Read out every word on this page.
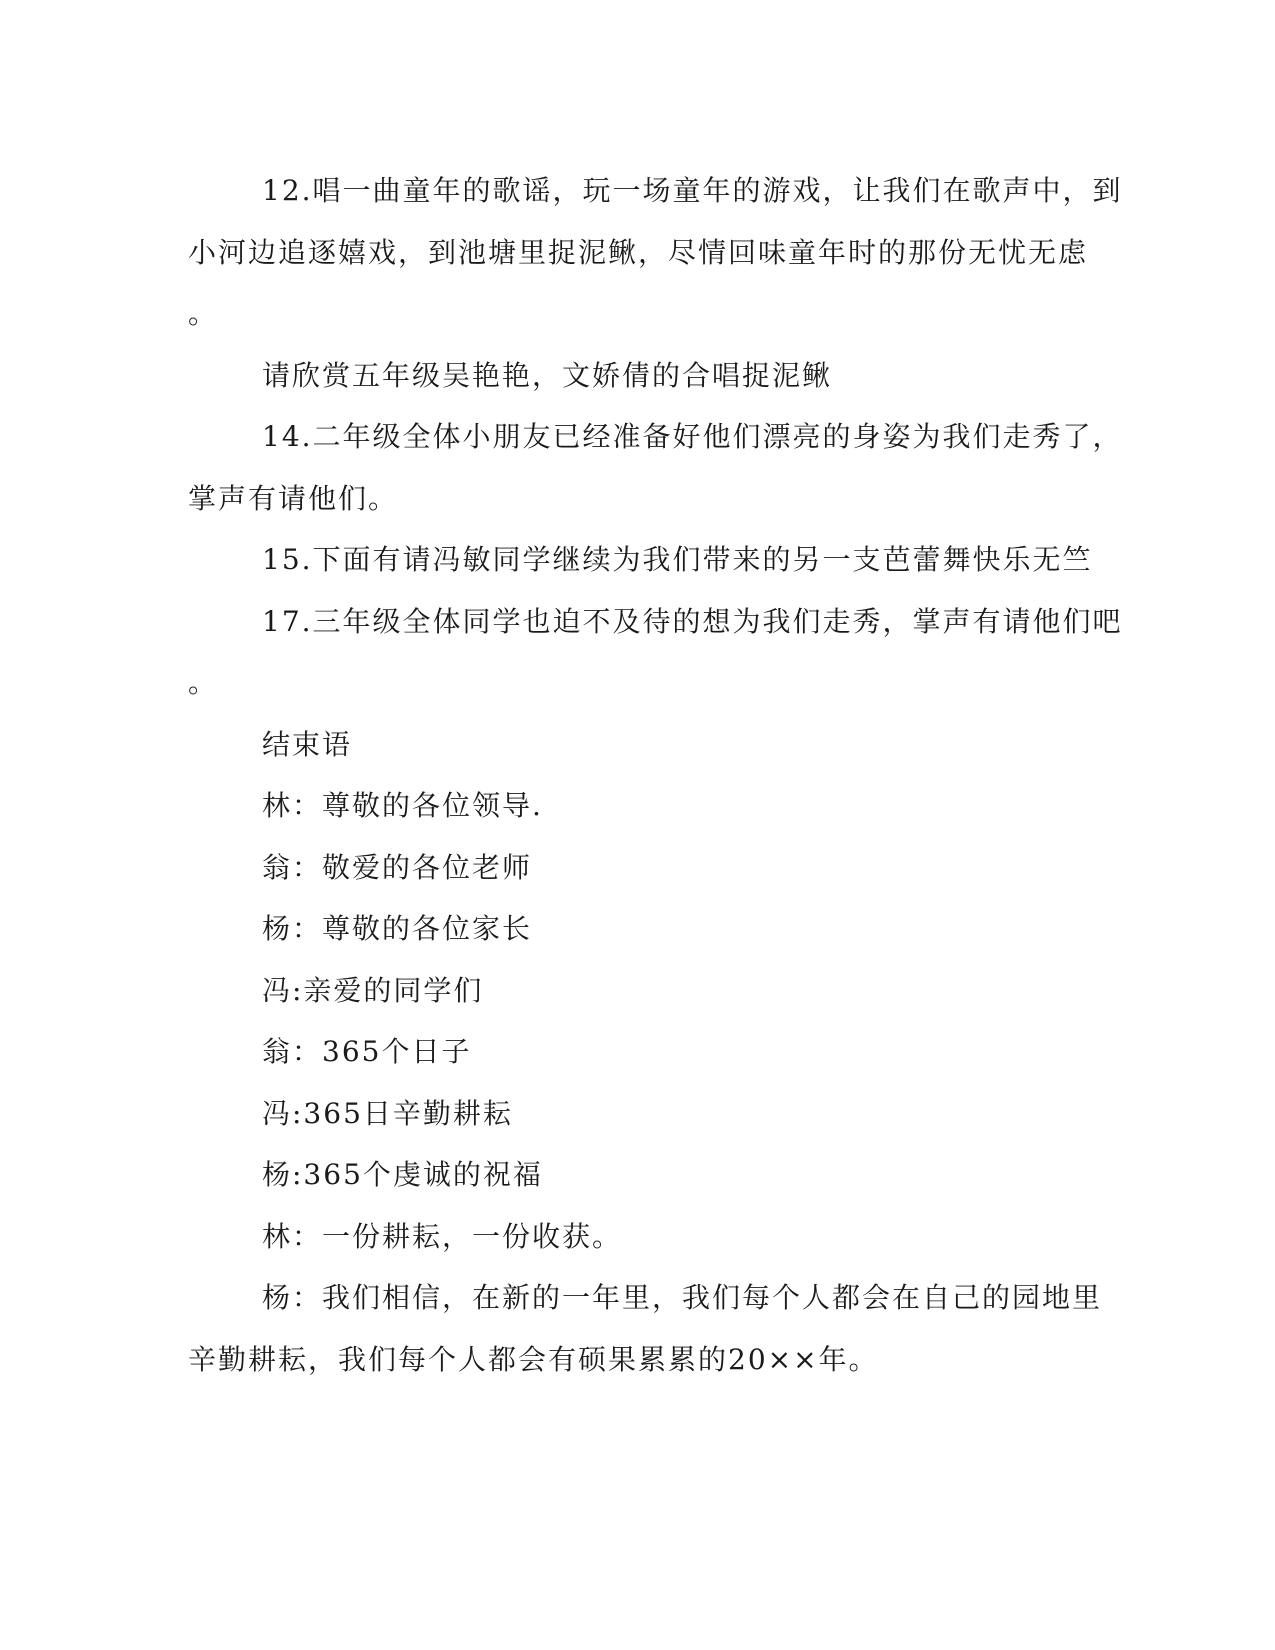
12.唱一曲童年的歌谣，玩一场童年的游戏，让我们在歌声中，到
小河边追逐嬉戏，到池塘里捉泥鳅，尽情回味童年时的那份无忧无虑
。

请欣赏五年级吴艳艳，文娇倩的合唱捉泥鳅

14.二年级全体小朋友已经准备好他们漂亮的身姿为我们走秀了，
掌声有请他们。

15.下面有请冯敏同学继续为我们带来的另一支芭蕾舞快乐无竺

17.三年级全体同学也迫不及待的想为我们走秀，掌声有请他们吧
。

结束语

林：尊敬的各位领导.

翁：敬爱的各位老师

杨：尊敬的各位家长

冯:亲爱的同学们

翁：365个日子

冯:365日辛勤耕耘

杨:365个虔诚的祝福

林：一份耕耘，一份收获。

杨：我们相信，在新的一年里，我们每个人都会在自己的园地里
辛勤耕耘，我们每个人都会有硕果累累的20××年。
